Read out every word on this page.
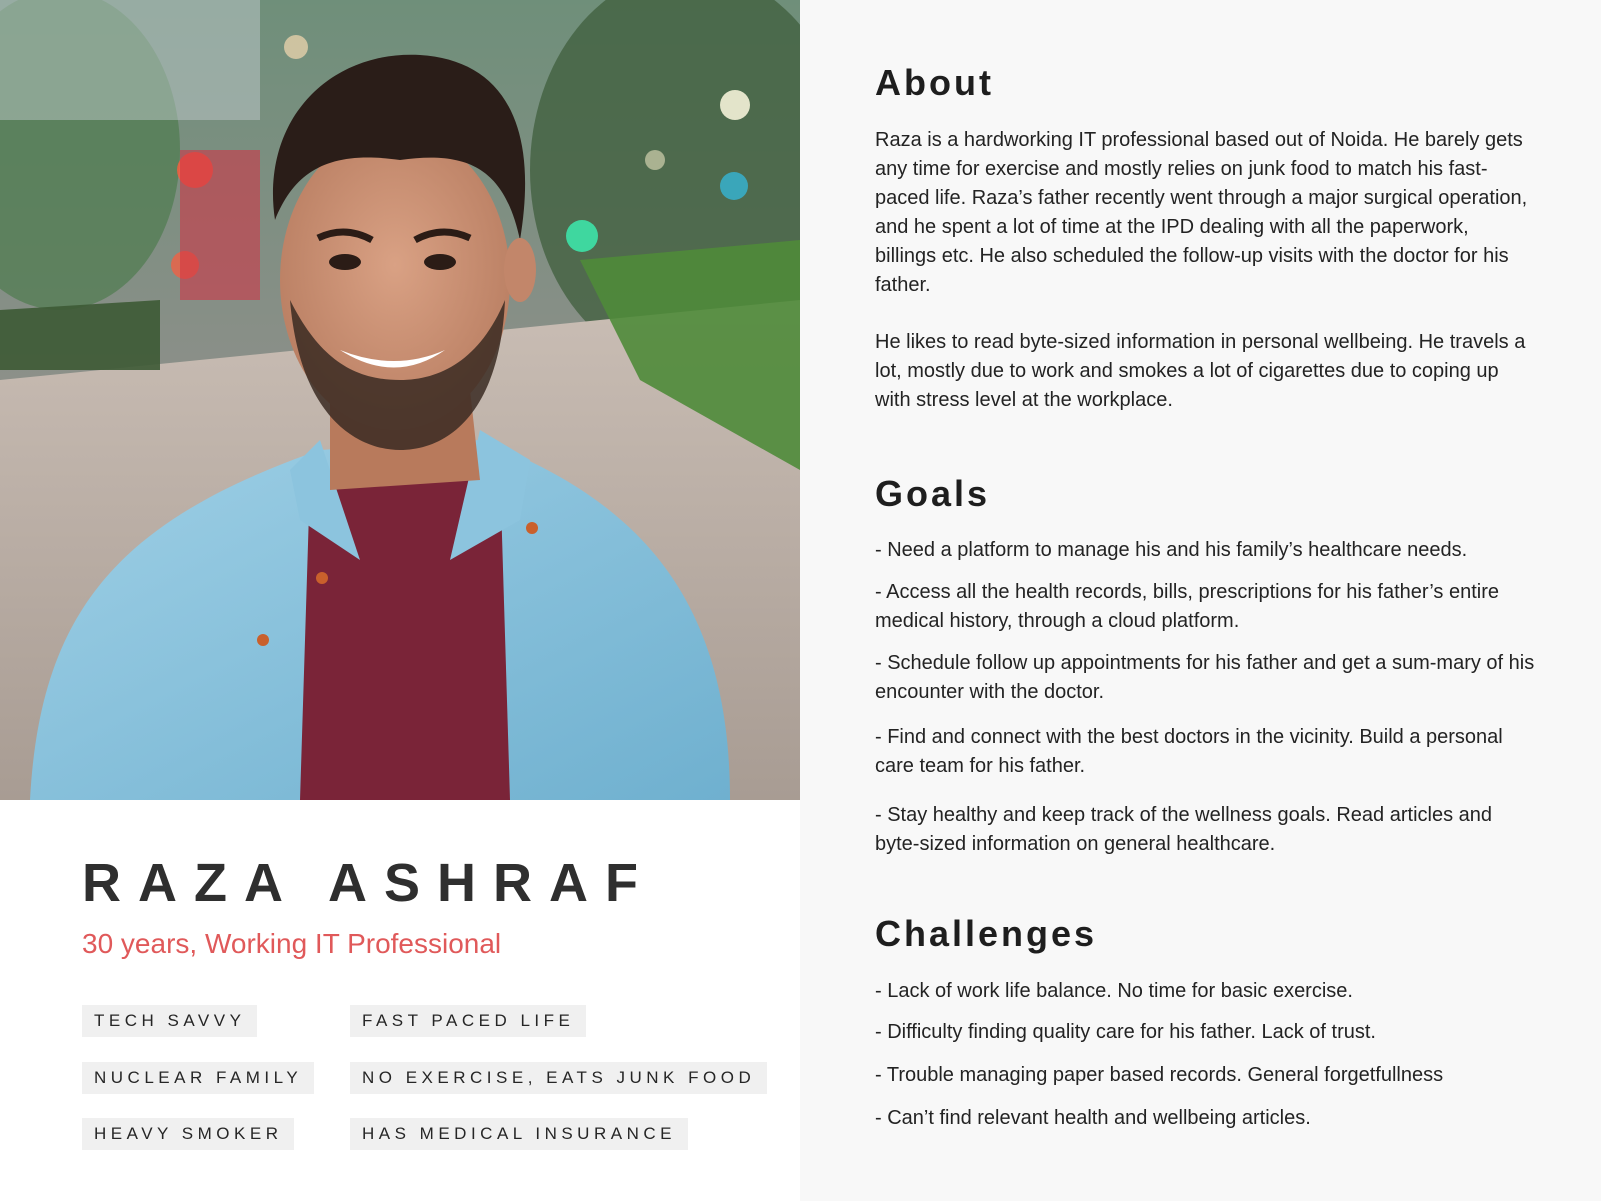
RAZA ASHRAF
30 years, Working IT Professional
TECH SAVVY	FAST PACED LIFE
NUCLEAR FAMILY	NO EXERCISE, EATS JUNK FOOD
HEAVY SMOKER	HAS MEDICAL INSURANCE
About
Raza is a hardworking IT professional based out of Noida. He barely gets any time for exercise and mostly relies on junk food to match his fast-paced life. Raza’s father recently went through a major surgical operation, and he spent a lot of time at the IPD dealing with all the paperwork, billings etc. He also scheduled the follow-up visits with the doctor for his father.
He likes to read byte-sized information in personal wellbeing. He travels a lot, mostly due to work and smokes a lot of cigarettes due to coping up with stress level at the workplace.
Goals
- Need a platform to manage his and his family’s healthcare needs.
- Access all the health records, bills, prescriptions for his father’s entire medical history, through a cloud platform.
- Schedule follow up appointments for his father and get a sum-mary of his encounter with the doctor.
- Find and connect with the best doctors in the vicinity. Build a personal care team for his father.
- Stay healthy and keep track of the wellness goals. Read articles and byte-sized information on general healthcare.
Challenges
- Lack of work life balance. No time for basic exercise.
- Difficulty finding quality care for his father. Lack of trust.
- Trouble managing paper based records. General forgetfullness
- Can’t find relevant health and wellbeing articles.
